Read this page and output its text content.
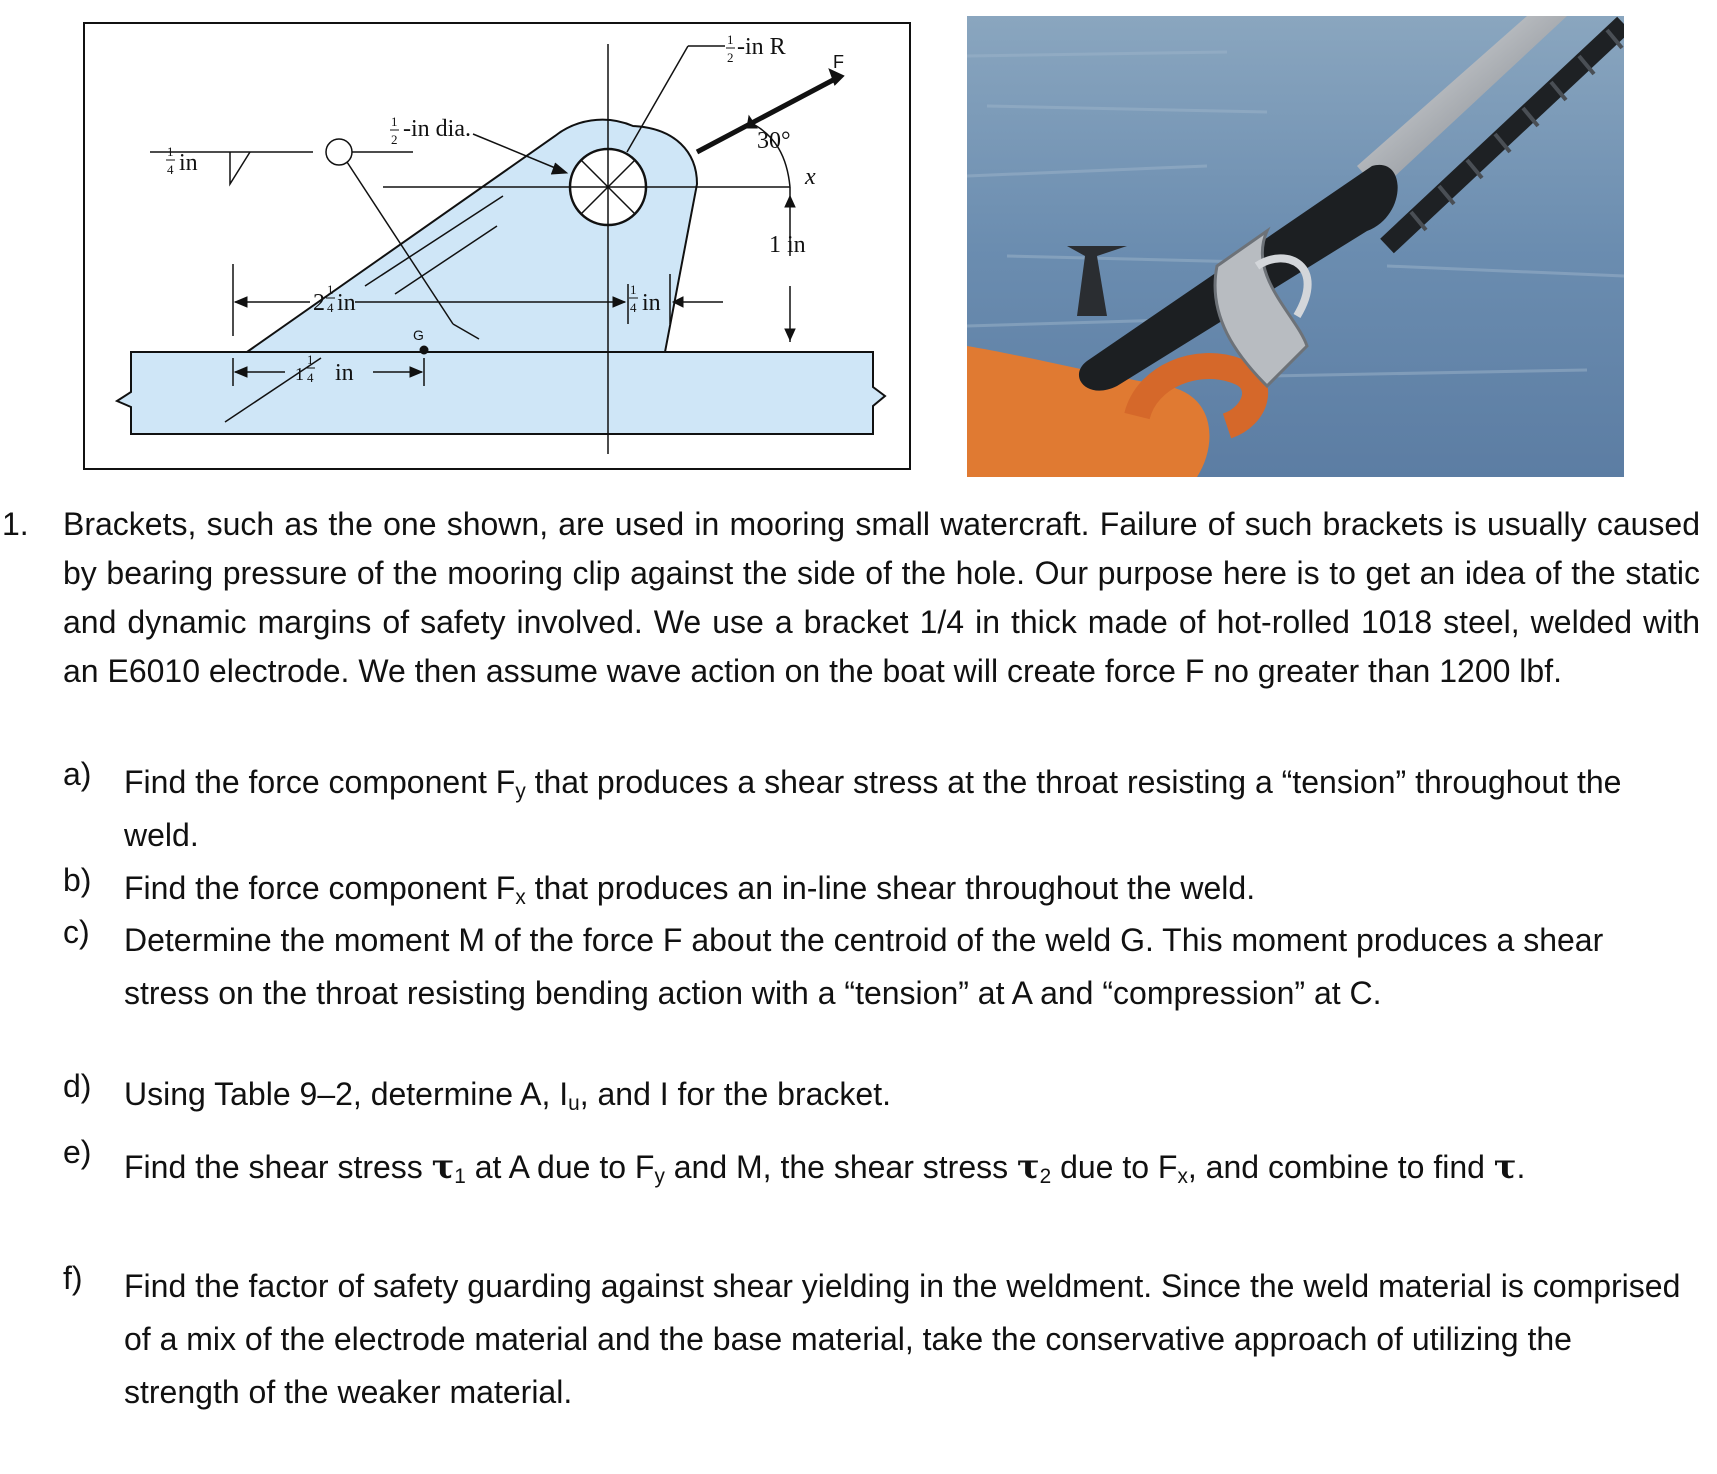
1
2 -in R
F
30°
x
1
2 -in dia.
1
4 in
1 in
2
1
4 in
1
4 in
G
1
1
4 in
1. Brackets, such as the one shown, are used in mooring small watercraft. Failure of such brackets is usually caused by bearing pressure of the mooring clip against the side of the hole. Our purpose here is to get an idea of the static and dynamic margins of safety involved. We use a bracket 1/4 in thick made of hot-rolled 1018 steel, welded with an E6010 electrode. We then assume wave action on the boat will create force F no greater than 1200 lbf.
a) Find the force component $F_y$ that produces a shear stress at the throat resisting a “tension” throughout the weld.
b) Find the force component $F_x$ that produces an in-line shear throughout the weld.
c) Determine the moment M of the force F about the centroid of the weld G. This moment produces a shear stress on the throat resisting bending action with a “tension” at A and “compression” at C.
d) Using Table 9–2, determine A, $I_u$, and I for the bracket.
e) Find the shear stress $\tau_1$ at A due to $F_y$ and M, the shear stress $\tau_2$ due to $F_x$, and combine to find τ.
f) Find the factor of safety guarding against shear yielding in the weldment. Since the weld material is comprised of a mix of the electrode material and the base material, take the conservative approach of utilizing the strength of the weaker material.
